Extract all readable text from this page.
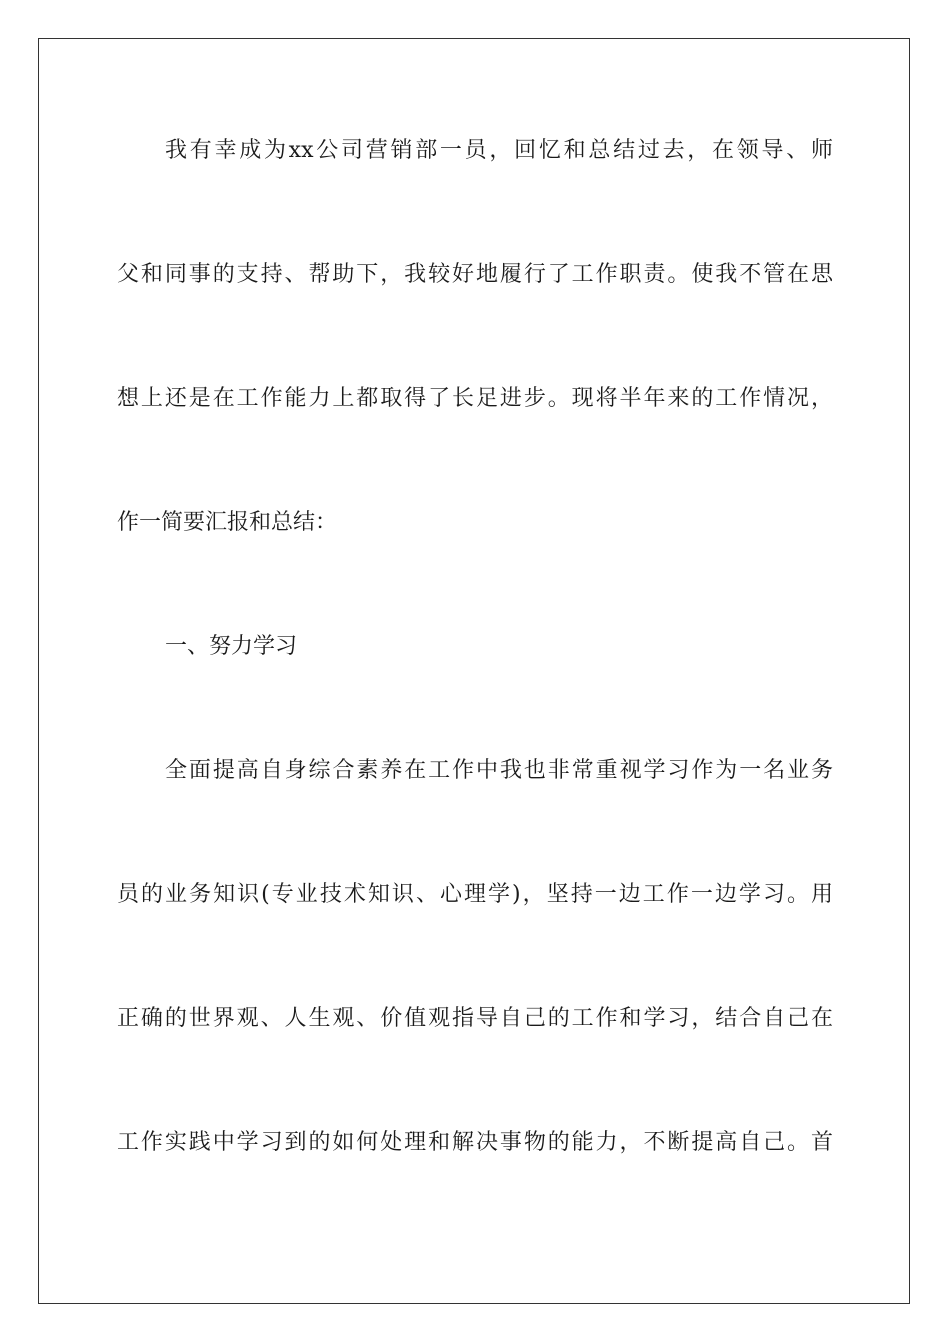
我有幸成为xx公司营销部一员，回忆和总结过去，在领导、师
父和同事的支持、帮助下，我较好地履行了工作职责。使我不管在思
想上还是在工作能力上都取得了长足进步。现将半年来的工作情况，
作一简要汇报和总结：
一、努力学习
全面提高自身综合素养在工作中我也非常重视学习作为一名业务
员的业务知识(专业技术知识、心理学)，坚持一边工作一边学习。用
正确的世界观、人生观、价值观指导自己的工作和学习，结合自己在
工作实践中学习到的如何处理和解决事物的能力，不断提高自己。首
